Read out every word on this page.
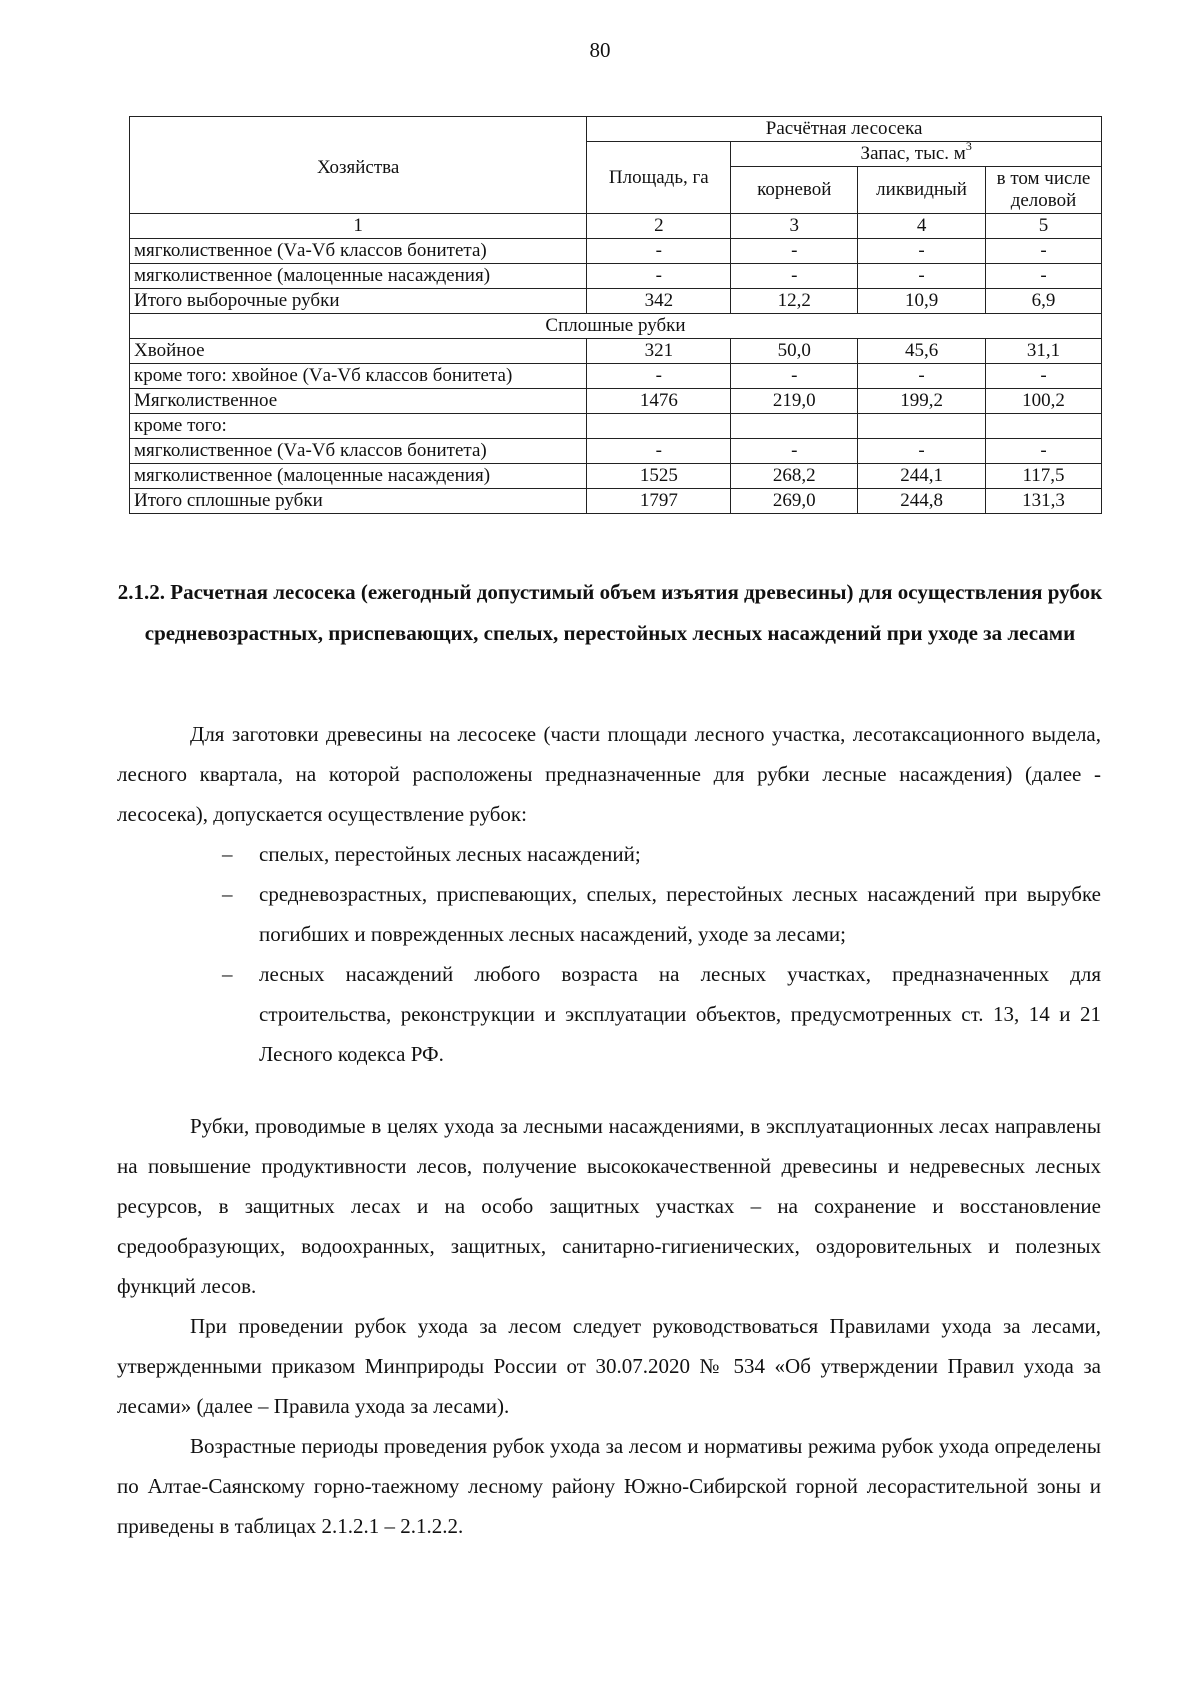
80
Хозяйства	Расчётная лесосека			
	Площадь, га	Запас, тыс. $м^3$
		корневой	ликвидный	в том числе деловой
1	2	3	4	5
мягколиственное (Vа-Vб классов бонитета)	-	-	-	-
мягколиственное (малоценные насаждения)	-	-	-	-
Итого выборочные рубки	342	12,2	10,9	6,9
Сплошные рубки				
Хвойное	321	50,0	45,6	31,1
кроме того: хвойное (Vа-Vб классов бонитета)	-	-	-	-
Мягколиственное	1476	219,0	199,2	100,2
кроме того:				
мягколиственное (Vа-Vб классов бонитета)	-	-	-	-
мягколиственное (малоценные насаждения)	1525	268,2	244,1	117,5
Итого сплошные рубки	1797	269,0	244,8	131,3
2.1.2. Расчетная лесосека (ежегодный допустимый объем изъятия древесины) для осуществления рубок средневозрастных, приспевающих, спелых, перестойных лесных насаждений при уходе за лесами

Для заготовки древесины на лесосеке (части площади лесного участка, лесотаксационного выдела, лесного квартала, на которой расположены предназначенные для рубки лесные насаждения) (далее - лесосека), допускается осуществление рубок:

– спелых, перестойных лесных насаждений;
– средневозрастных, приспевающих, спелых, перестойных лесных насаждений при вырубке погибших и поврежденных лесных насаждений, уходе за лесами;
– лесных насаждений любого возраста на лесных участках, предназначенных для строительства, реконструкции и эксплуатации объектов, предусмотренных ст. 13, 14 и 21 Лесного кодекса РФ.

Рубки, проводимые в целях ухода за лесными насаждениями, в эксплуатационных лесах направлены на повышение продуктивности лесов, получение высококачественной древесины и недревесных лесных ресурсов, в защитных лесах и на особо защитных участках – на сохранение и восстановление средообразующих, водоохранных, защитных, санитарно-гигиенических, оздоровительных и полезных функций лесов.

При проведении рубок ухода за лесом следует руководствоваться Правилами ухода за лесами, утвержденными приказом Минприроды России от 30.07.2020 № 534 «Об утверждении Правил ухода за лесами» (далее – Правила ухода за лесами).

Возрастные периоды проведения рубок ухода за лесом и нормативы режима рубок ухода определены по Алтае-Саянскому горно-таежному лесному району Южно-Сибирской горной лесорастительной зоны и приведены в таблицах 2.1.2.1 – 2.1.2.2.
